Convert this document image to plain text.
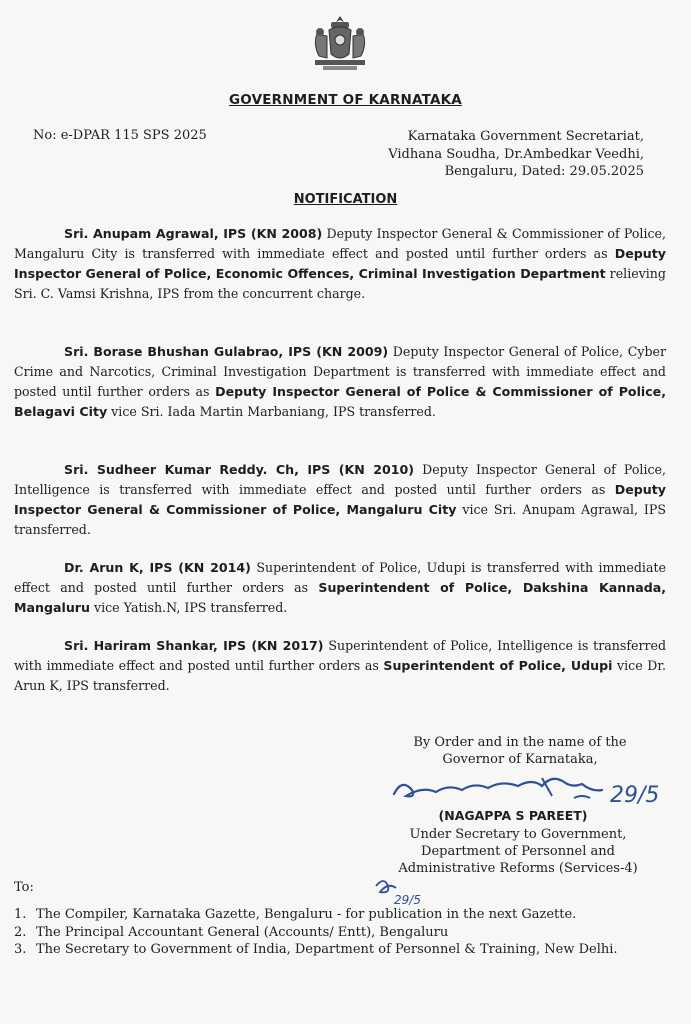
GOVERNMENT OF KARNATAKA
No: e-DPAR 115 SPS 2025	Karnataka Government Secretariat,
Vidhana Soudha, Dr.Ambedkar Veedhi,
Bengaluru, Dated: 29.05.2025
NOTIFICATION
Sri. Anupam Agrawal, IPS (KN 2008) Deputy Inspector General & Commissioner of Police, Mangaluru City is transferred with immediate effect and posted until further orders as Deputy Inspector General of Police, Economic Offences, Criminal Investigation Department relieving Sri. C. Vamsi Krishna, IPS from the concurrent charge.
Sri. Borase Bhushan Gulabrao, IPS (KN 2009) Deputy Inspector General of Police, Cyber Crime and Narcotics, Criminal Investigation Department is transferred with immediate effect and posted until further orders as Deputy Inspector General of Police & Commissioner of Police, Belagavi City vice Sri. Iada Martin Marbaniang, IPS transferred.
Sri. Sudheer Kumar Reddy. Ch, IPS (KN 2010) Deputy Inspector General of Police, Intelligence is transferred with immediate effect and posted until further orders as Deputy Inspector General & Commissioner of Police, Mangaluru City vice Sri. Anupam Agrawal, IPS transferred.
Dr. Arun K, IPS (KN 2014) Superintendent of Police, Udupi is transferred with immediate effect and posted until further orders as Superintendent of Police, Dakshina Kannada, Mangaluru vice Yatish.N, IPS transferred.
Sri. Hariram Shankar, IPS (KN 2017) Superintendent of Police, Intelligence is transferred with immediate effect and posted until further orders as Superintendent of Police, Udupi vice Dr. Arun K, IPS transferred.
By Order and in the name of the
Governor of Karnataka,
29/5
(NAGAPPA S PAREET)
Under Secretary to Government,
Department of Personnel and
Administrative Reforms (Services-4)
29/5
To:
1. The Compiler, Karnataka Gazette, Bengaluru - for publication in the next Gazette.
2. The Principal Accountant General (Accounts/ Entt), Bengaluru
3. The Secretary to Government of India, Department of Personnel & Training, New Delhi.
